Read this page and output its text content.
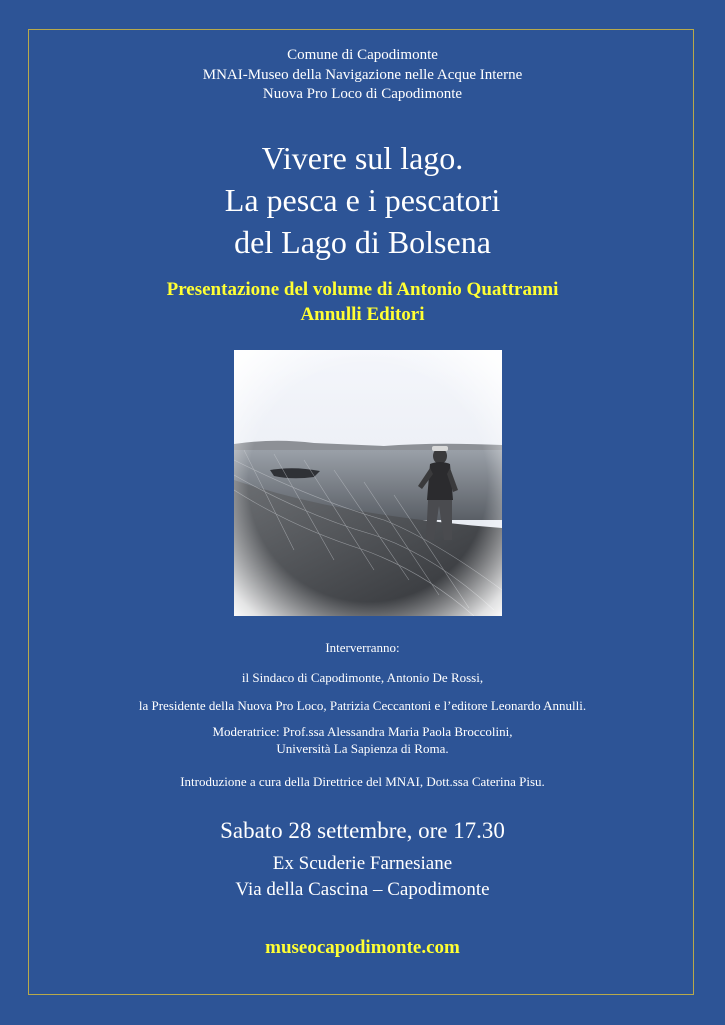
Comune di Capodimonte
MNAI-Museo della Navigazione nelle Acque Interne
Nuova Pro Loco di Capodimonte
Vivere sul lago.
La pesca e i pescatori
del Lago di Bolsena
Presentazione del volume di Antonio Quattranni
Annulli Editori
Interverranno:
il Sindaco di Capodimonte, Antonio De Rossi,
la Presidente della Nuova Pro Loco, Patrizia Ceccantoni e l’editore Leonardo Annulli.
Moderatrice: Prof.ssa Alessandra Maria Paola Broccolini,
Università La Sapienza di Roma.
Introduzione a cura della Direttrice del MNAI, Dott.ssa Caterina Pisu.
Sabato 28 settembre, ore 17.30
Ex Scuderie Farnesiane
Via della Cascina – Capodimonte
museocapodimonte.com
